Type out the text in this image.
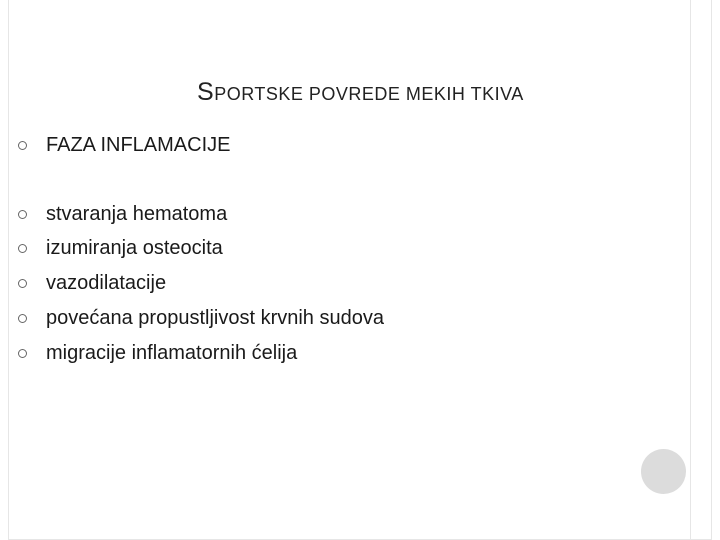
SPORTSKE POVREDE MEKIH TKIVA
FAZA INFLAMACIJE
stvaranja hematoma
izumiranja osteocita
vazodilatacije
povećana propustljivost krvnih sudova
migracije inflamatornih ćelija
